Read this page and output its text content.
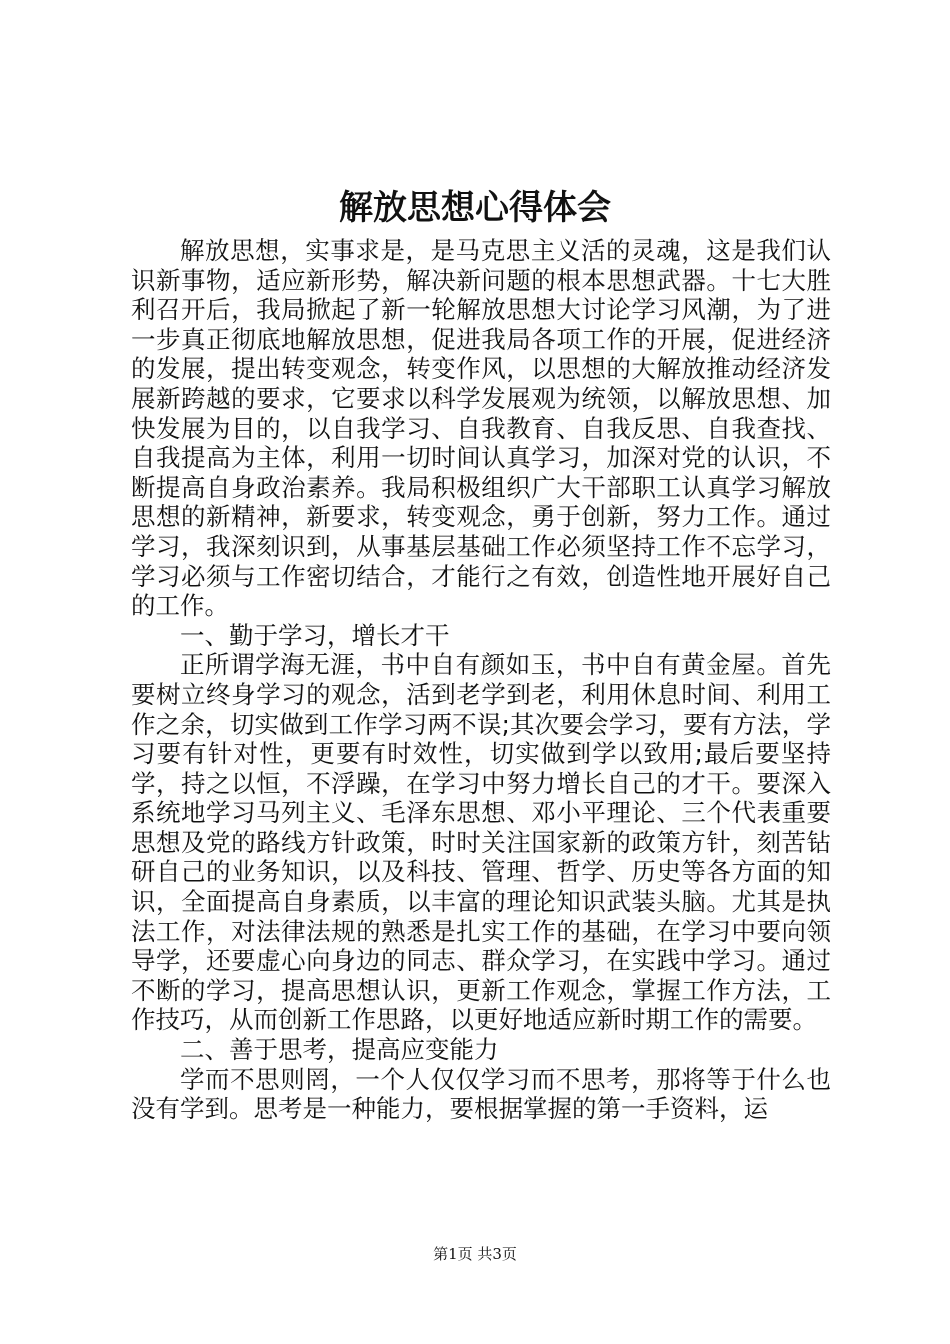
解放思想心得体会

解放思想，实事求是，是马克思主义活的灵魂，这是我们认识新事物，适应新形势，解决新问题的根本思想武器。十七大胜利召开后，我局掀起了新一轮解放思想大讨论学习风潮，为了进一步真正彻底地解放思想，促进我局各项工作的开展，促进经济的发展，提出转变观念，转变作风，以思想的大解放推动经济发展新跨越的要求，它要求以科学发展观为统领，以解放思想、加快发展为目的，以自我学习、自我教育、自我反思、自我查找、自我提高为主体，利用一切时间认真学习，加深对党的认识，不断提高自身政治素养。我局积极组织广大干部职工认真学习解放思想的新精神，新要求，转变观念，勇于创新，努力工作。通过学习，我深刻识到，从事基层基础工作必须坚持工作不忘学习，学习必须与工作密切结合，才能行之有效，创造性地开展好自己的工作。

一、勤于学习，增长才干

正所谓学海无涯，书中自有颜如玉，书中自有黄金屋。首先要树立终身学习的观念，活到老学到老，利用休息时间、利用工作之余，切实做到工作学习两不误;其次要会学习，要有方法，学习要有针对性，更要有时效性，切实做到学以致用;最后要坚持学，持之以恒，不浮躁，在学习中努力增长自己的才干。要深入系统地学习马列主义、毛泽东思想、邓小平理论、三个代表重要思想及党的路线方针政策，时时关注国家新的政策方针，刻苦钻研自己的业务知识，以及科技、管理、哲学、历史等各方面的知识，全面提高自身素质，以丰富的理论知识武装头脑。尤其是执法工作，对法律法规的熟悉是扎实工作的基础，在学习中要向领导学，还要虚心向身边的同志、群众学习，在实践中学习。通过不断的学习，提高思想认识，更新工作观念，掌握工作方法，工作技巧，从而创新工作思路，以更好地适应新时期工作的需要。

二、善于思考，提高应变能力

学而不思则罔，一个人仅仅学习而不思考，那将等于什么也没有学到。思考是一种能力，要根据掌握的第一手资料，运

第1页 共3页
